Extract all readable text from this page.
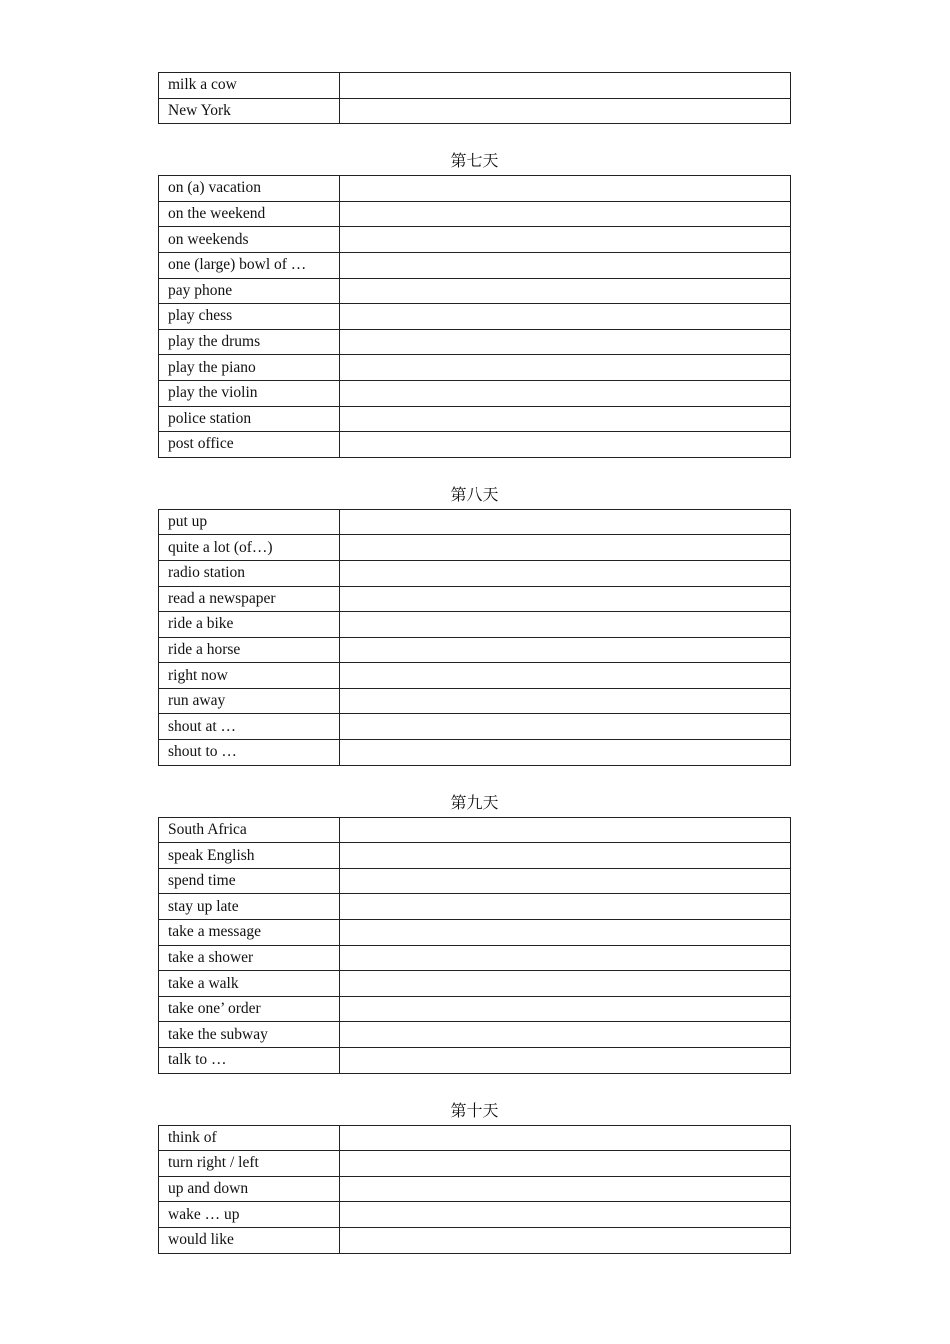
milk a cow	
New York	
第七天
on (a) vacation	
on the weekend	
on weekends	
one (large) bowl of …	
pay phone	
play chess	
play the drums	
play the piano	
play the violin	
police station	
post office	
第八天
put up	
quite a lot (of…)	
radio station	
read a newspaper	
ride a bike	
ride a horse	
right now	
run away	
shout at …	
shout to …	
第九天
South Africa	
speak English	
spend time	
stay up late	
take a message	
take a shower	
take a walk	
take one’ order	
take the subway	
talk to …	
第十天
think of	
turn right / left	
up and down	
wake … up	
would like	
